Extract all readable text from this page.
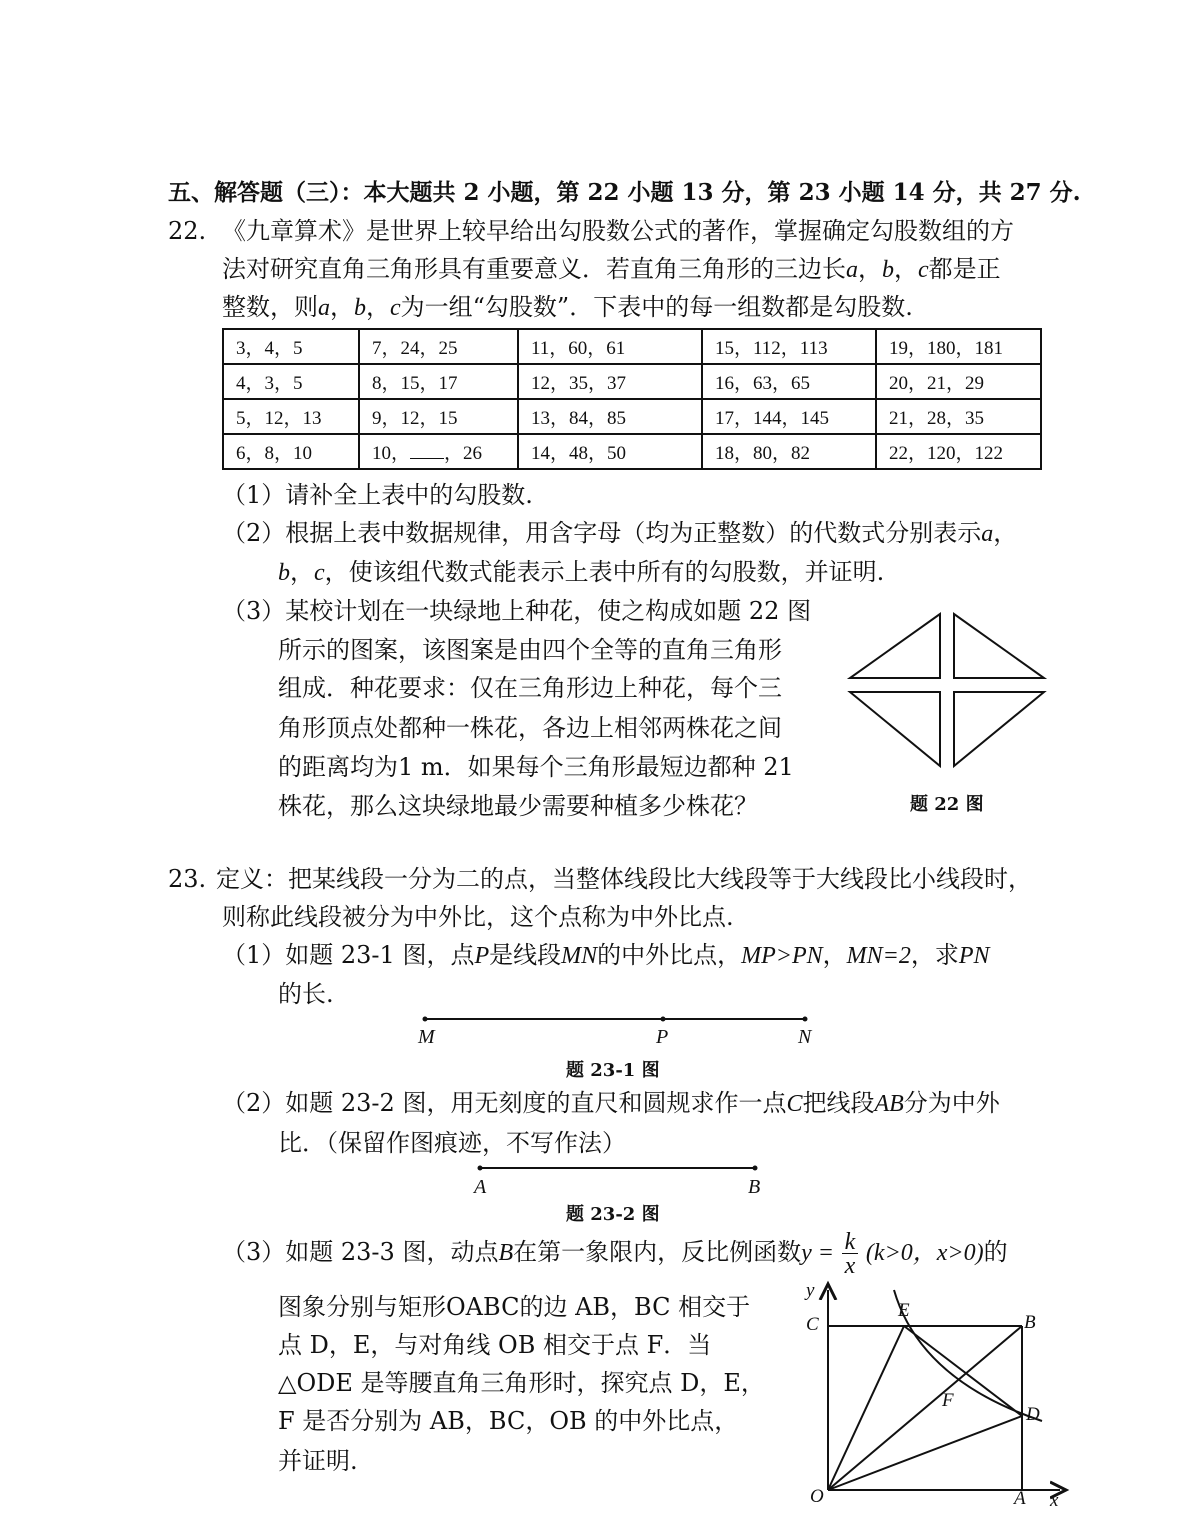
五、解答题（三）：本大题共 2 小题，第 22 小题 13 分，第 23 小题 14 分，共 27 分.
22. 《九章算术》是世界上较早给出勾股数公式的著作，掌握确定勾股数组的方
法对研究直角三角形具有重要意义．若直角三角形的三边长a，b，c都是正
整数，则a，b，c为一组“勾股数”．下表中的每一组数都是勾股数.
3，4，5	7，24，25	11，60，61	15，112，113	19，180，181
4，3，5	8，15，17	12，35，37	16，63，65	20，21，29
5，12，13	9，12，15	13，84，85	17，144，145	21，28，35
6，8，10	10， ，26	14，48，50	18，80，82	22，120，122
（1）请补全上表中的勾股数.
（2）根据上表中数据规律，用含字母（均为正整数）的代数式分别表示a，
b，c，使该组代数式能表示上表中所有的勾股数，并证明.
（3）某校计划在一块绿地上种花，使之构成如题 22 图
所示的图案，该图案是由四个全等的直角三角形
组成．种花要求：仅在三角形边上种花，每个三
角形顶点处都种一株花，各边上相邻两株花之间
的距离均为1 m．如果每个三角形最短边都种 21
株花，那么这块绿地最少需要种植多少株花？	题 22 图
23. 定义：把某线段一分为二的点，当整体线段比大线段等于大线段比小线段时，
则称此线段被分为中外比，这个点称为中外比点.
（1）如题 23-1 图，点P是线段MN的中外比点，MP>PN，MN=2，求PN
的长.
M	P	N
题 23-1 图
（2）如题 23-2 图，用无刻度的直尺和圆规求作一点C把线段AB分为中外
比．（保留作图痕迹，不写作法）
A	B
题 23-2 图
（3）如题 23-3 图，动点B在第一象限内，反比例函数$y = \frac{k}{x} (k>0$，x>0)的
图象分别与矩形OABC的边 AB，BC 相交于
点 D，E，与对角线 OB 相交于点 F．当
△ODE 是等腰直角三角形时，探究点 D，E，
F 是否分别为 AB，BC，OB 的中外比点，
并证明.
y
C
E
B
F
D
O	A x
